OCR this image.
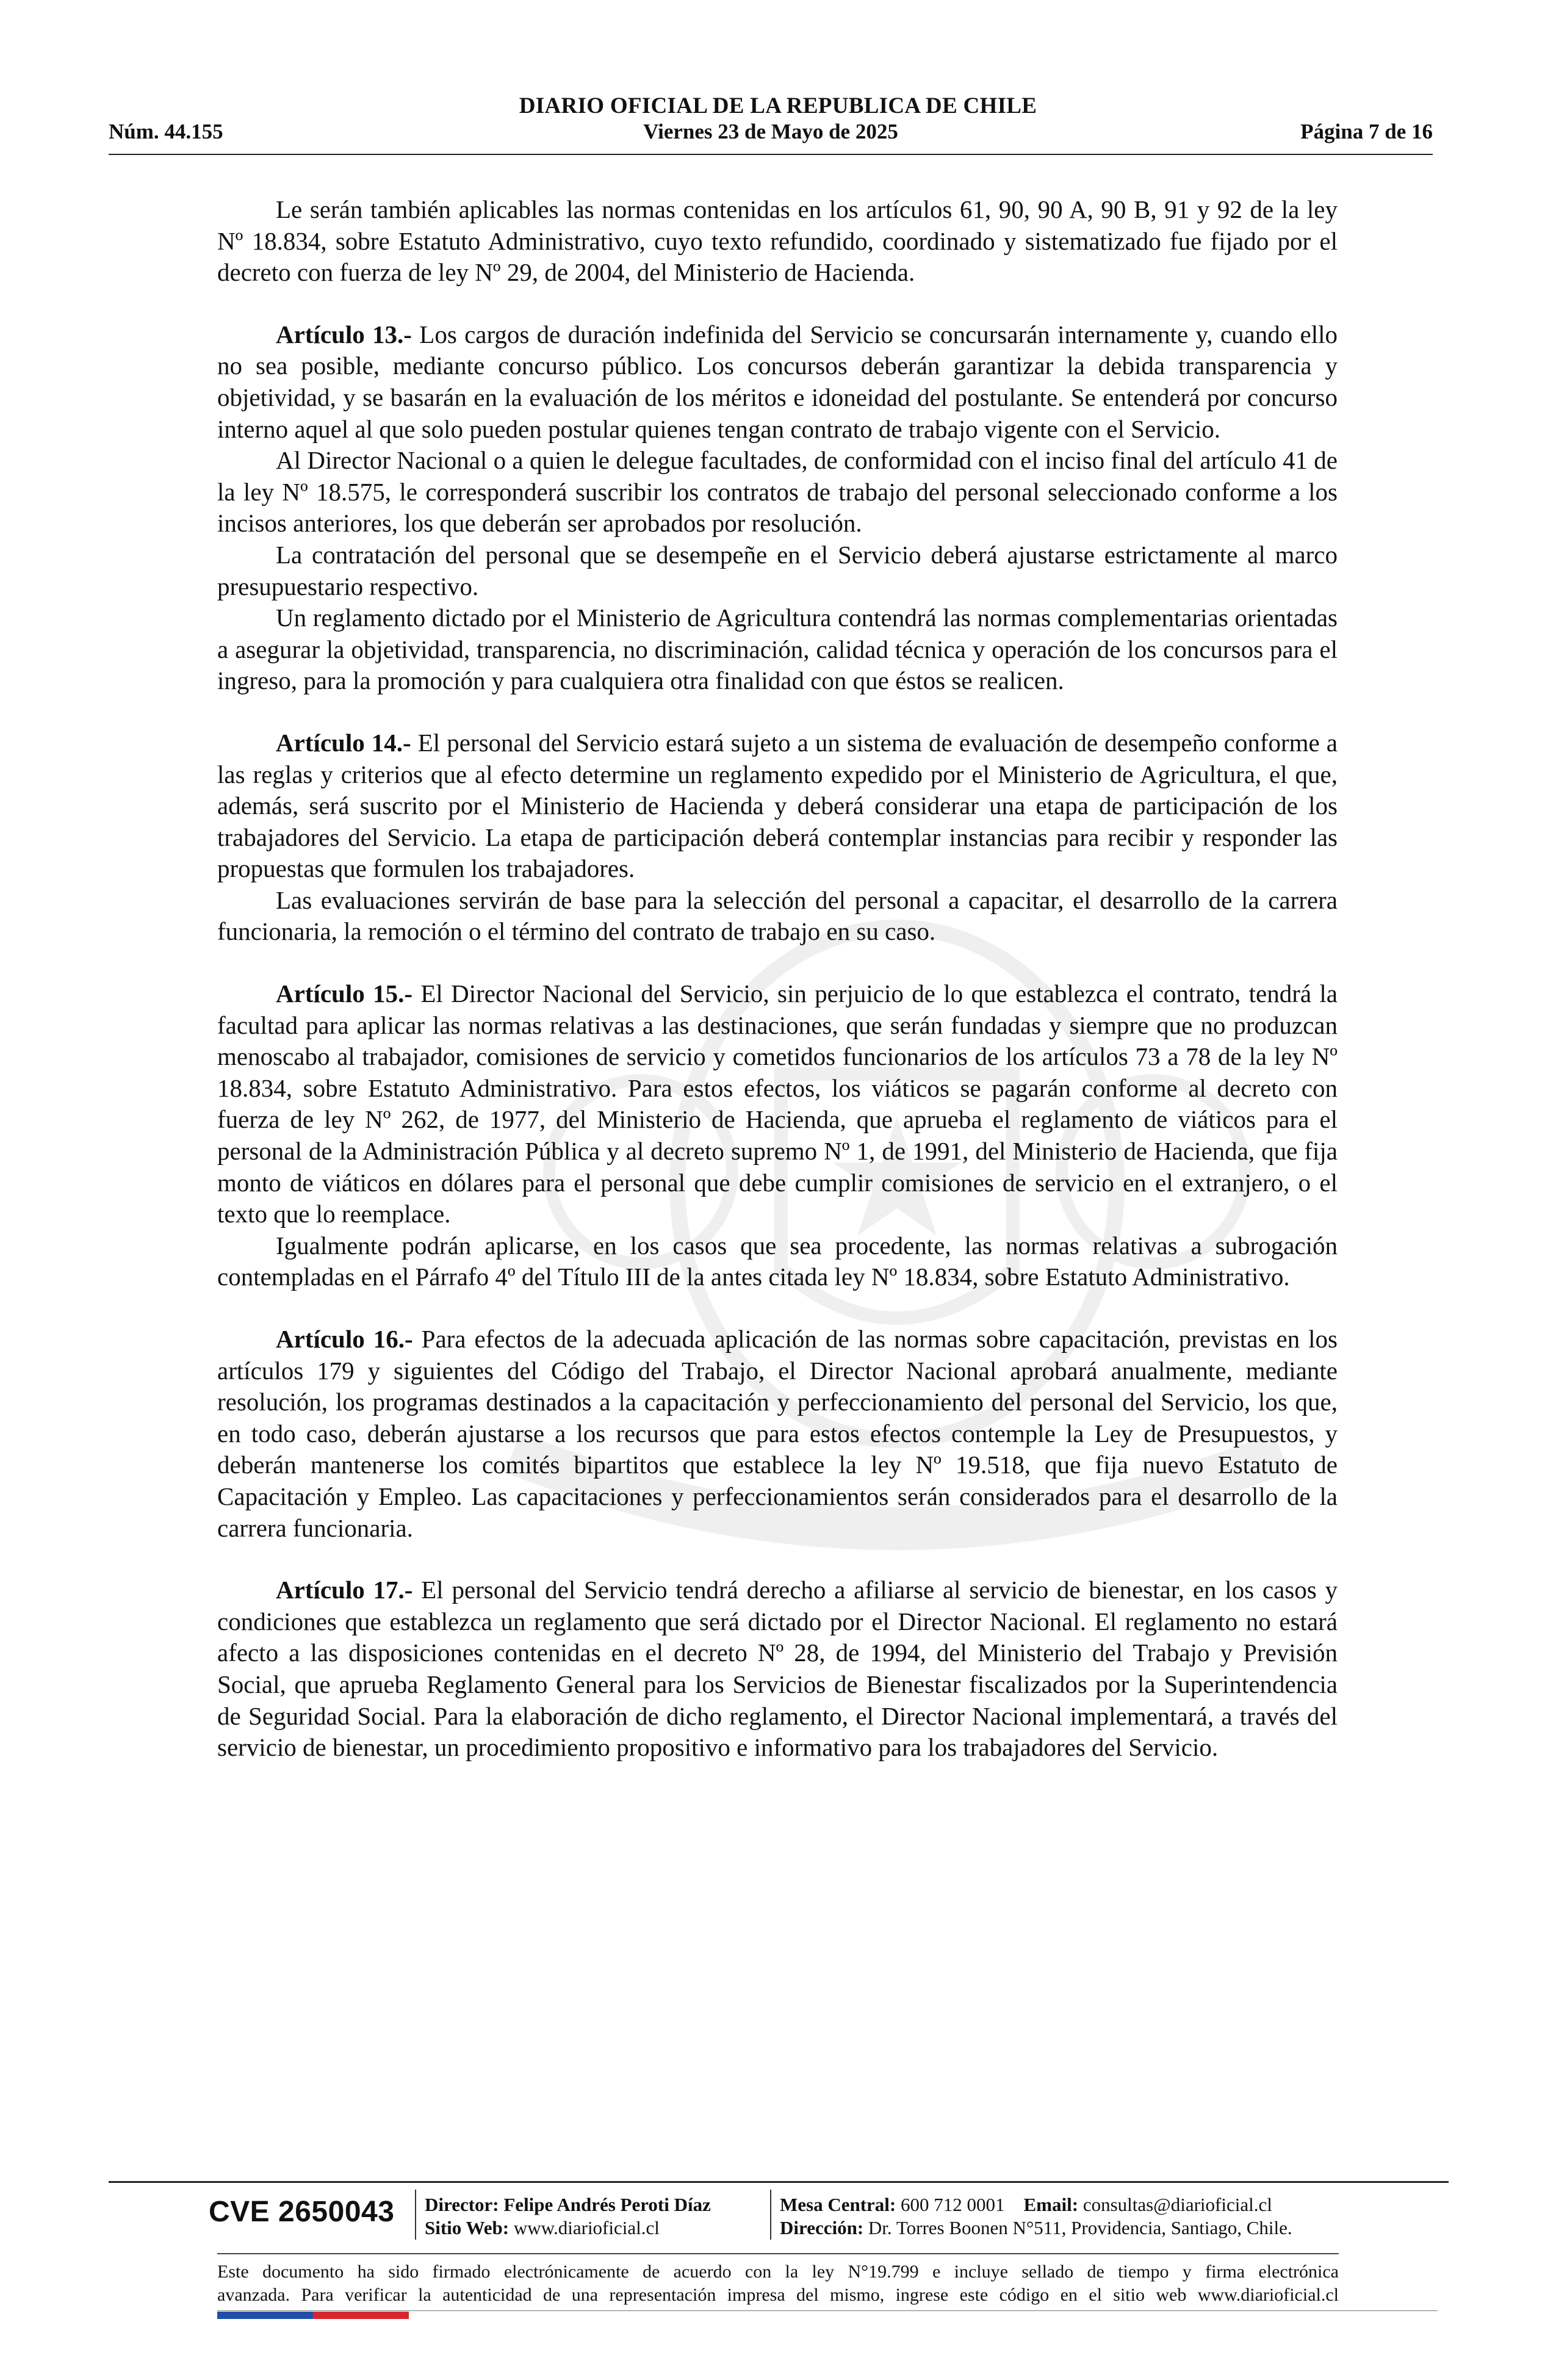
DIARIO OFICIAL DE LA REPUBLICA DE CHILE
Núm. 44.155	Viernes 23 de Mayo de 2025	Página 7 de 16

Le serán también aplicables las normas contenidas en los artículos 61, 90, 90 A, 90 B, 91 y 92 de la ley Nº 18.834, sobre Estatuto Administrativo, cuyo texto refundido, coordinado y sistematizado fue fijado por el decreto con fuerza de ley Nº 29, de 2004, del Ministerio de Hacienda.

Artículo 13.- Los cargos de duración indefinida del Servicio se concursarán internamente y, cuando ello no sea posible, mediante concurso público. Los concursos deberán garantizar la debida transparencia y objetividad, y se basarán en la evaluación de los méritos e idoneidad del postulante. Se entenderá por concurso interno aquel al que solo pueden postular quienes tengan contrato de trabajo vigente con el Servicio.

Al Director Nacional o a quien le delegue facultades, de conformidad con el inciso final del artículo 41 de la ley Nº 18.575, le corresponderá suscribir los contratos de trabajo del personal seleccionado conforme a los incisos anteriores, los que deberán ser aprobados por resolución.

La contratación del personal que se desempeñe en el Servicio deberá ajustarse estrictamente al marco presupuestario respectivo.

Un reglamento dictado por el Ministerio de Agricultura contendrá las normas complementarias orientadas a asegurar la objetividad, transparencia, no discriminación, calidad técnica y operación de los concursos para el ingreso, para la promoción y para cualquiera otra finalidad con que éstos se realicen.

Artículo 14.- El personal del Servicio estará sujeto a un sistema de evaluación de desempeño conforme a las reglas y criterios que al efecto determine un reglamento expedido por el Ministerio de Agricultura, el que, además, será suscrito por el Ministerio de Hacienda y deberá considerar una etapa de participación de los trabajadores del Servicio. La etapa de participación deberá contemplar instancias para recibir y responder las propuestas que formulen los trabajadores.

Las evaluaciones servirán de base para la selección del personal a capacitar, el desarrollo de la carrera funcionaria, la remoción o el término del contrato de trabajo en su caso.

Artículo 15.- El Director Nacional del Servicio, sin perjuicio de lo que establezca el contrato, tendrá la facultad para aplicar las normas relativas a las destinaciones, que serán fundadas y siempre que no produzcan menoscabo al trabajador, comisiones de servicio y cometidos funcionarios de los artículos 73 a 78 de la ley Nº 18.834, sobre Estatuto Administrativo. Para estos efectos, los viáticos se pagarán conforme al decreto con fuerza de ley Nº 262, de 1977, del Ministerio de Hacienda, que aprueba el reglamento de viáticos para el personal de la Administración Pública y al decreto supremo Nº 1, de 1991, del Ministerio de Hacienda, que fija monto de viáticos en dólares para el personal que debe cumplir comisiones de servicio en el extranjero, o el texto que lo reemplace.

Igualmente podrán aplicarse, en los casos que sea procedente, las normas relativas a subrogación contempladas en el Párrafo 4º del Título III de la antes citada ley Nº 18.834, sobre Estatuto Administrativo.

Artículo 16.- Para efectos de la adecuada aplicación de las normas sobre capacitación, previstas en los artículos 179 y siguientes del Código del Trabajo, el Director Nacional aprobará anualmente, mediante resolución, los programas destinados a la capacitación y perfeccionamiento del personal del Servicio, los que, en todo caso, deberán ajustarse a los recursos que para estos efectos contemple la Ley de Presupuestos, y deberán mantenerse los comités bipartitos que establece la ley Nº 19.518, que fija nuevo Estatuto de Capacitación y Empleo. Las capacitaciones y perfeccionamientos serán considerados para el desarrollo de la carrera funcionaria.

Artículo 17.- El personal del Servicio tendrá derecho a afiliarse al servicio de bienestar, en los casos y condiciones que establezca un reglamento que será dictado por el Director Nacional. El reglamento no estará afecto a las disposiciones contenidas en el decreto Nº 28, de 1994, del Ministerio del Trabajo y Previsión Social, que aprueba Reglamento General para los Servicios de Bienestar fiscalizados por la Superintendencia de Seguridad Social. Para la elaboración de dicho reglamento, el Director Nacional implementará, a través del servicio de bienestar, un procedimiento propositivo e informativo para los trabajadores del Servicio.

CVE 2650043 Director: Felipe Andrés Peroti Díaz
Sitio Web: www.diarioficial.cl
Mesa Central: 600 712 0001 Email: consultas@diarioficial.cl
Dirección: Dr. Torres Boonen N°511, Providencia, Santiago, Chile.
Este documento ha sido firmado electrónicamente de acuerdo con la ley N°19.799 e incluye sellado de tiempo y firma electrónica
avanzada. Para verificar la autenticidad de una representación impresa del mismo, ingrese este código en el sitio web www.diarioficial.cl
